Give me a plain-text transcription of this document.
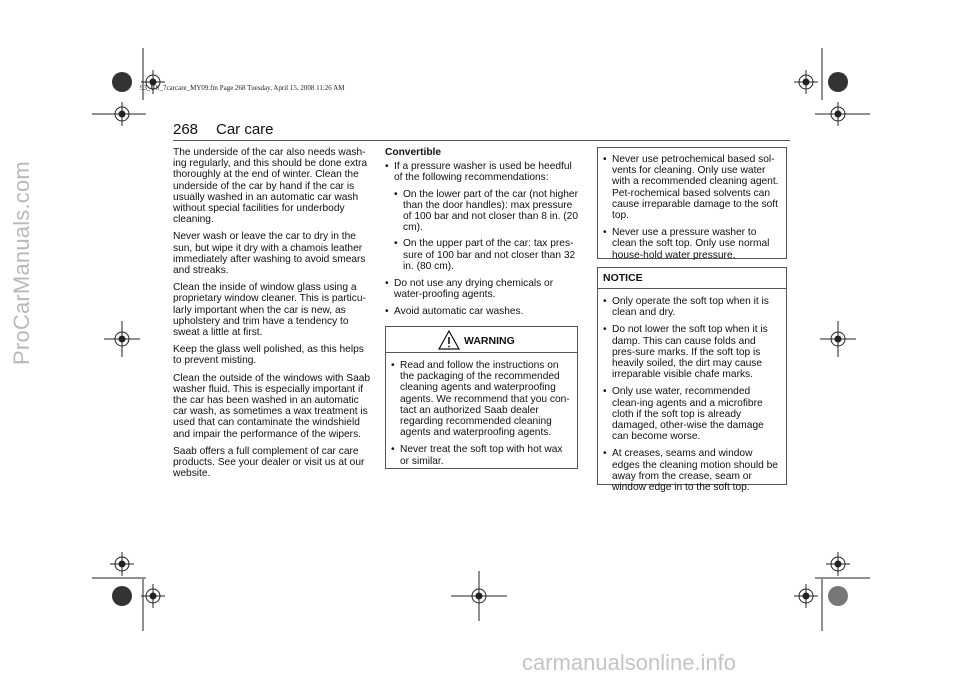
ProCarManuals.com
93_US_7carcare_MY09.fm Page 268 Tuesday, April 15, 2008 11:26 AM
268 Car care

The underside of the car also needs wash-ing regularly, and this should be done extra thoroughly at the end of winter. Clean the underside of the car by hand if the car is usually washed in an automatic car wash without special facilities for underbody cleaning.

Never wash or leave the car to dry in the sun, but wipe it dry with a chamois leather immediately after washing to avoid smears and streaks.

Clean the inside of window glass using a proprietary window cleaner. This is particu-larly important when the car is new, as upholstery and trim have a tendency to sweat a little at first.

Keep the glass well polished, as this helps to prevent misting.

Clean the outside of the windows with Saab washer fluid. This is especially important if the car has been washed in an automatic car wash, as sometimes a wax treatment is used that can contaminate the windshield and impair the performance of the wipers.

Saab offers a full complement of car care products. See your dealer or visit us at our website.

Convertible

• If a pressure washer is used be heedful of the following recommendations:
• On the lower part of the car (not higher than the door handles): max pressure of 100 bar and not closer than 8 in. (20 cm).
• On the upper part of the car: tax pres-sure of 100 bar and not closer than 32 in. (80 cm).
• Do not use any drying chemicals or water-proofing agents.
• Avoid automatic car washes.
WARNING
• Read and follow the instructions on the packaging of the recommended cleaning agents and waterproofing agents. We recommend that you con-tact an authorized Saab dealer regarding recommended cleaning agents and waterproofing agents.
• Never treat the soft top with hot wax or similar.
• Never use petrochemical based sol-vents for cleaning. Only use water with a recommended cleaning agent. Pet-rochemical based solvents can cause irreparable damage to the soft top.
• Never use a pressure washer to clean the soft top. Only use normal house-hold water pressure.
NOTICE
• Only operate the soft top when it is clean and dry.
• Do not lower the soft top when it is damp. This can cause folds and pres-sure marks. If the soft top is heavily soiled, the dirt may cause irreparable visible chafe marks.
• Only use water, recommended clean-ing agents and a microfibre cloth if the soft top is already damaged, other-wise the damage can become worse.
• At creases, seams and window edges the cleaning motion should be away from the crease, seam or window edge in to the soft top.
carmanualsonline.info
